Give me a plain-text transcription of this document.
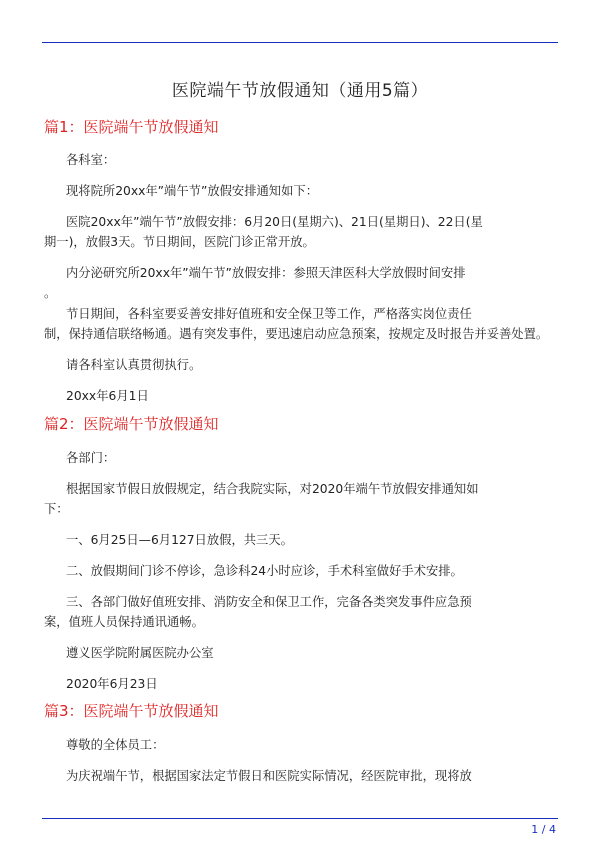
医院端午节放假通知（通用5篇）
篇1：医院端午节放假通知
各科室：
现将院所20xx年”端午节”放假安排通知如下：
医院20xx年”端午节”放假安排：6月20日(星期六)、21日(星期日)、22日(星
期一)，放假3天。节日期间，医院门诊正常开放。
内分泌研究所20xx年”端午节”放假安排：参照天津医科大学放假时间安排
。
节日期间，各科室要妥善安排好值班和安全保卫等工作，严格落实岗位责任
制，保持通信联络畅通。遇有突发事件，要迅速启动应急预案，按规定及时报告并妥善处置。
请各科室认真贯彻执行。
20xx年6月1日
篇2：医院端午节放假通知
各部门：
根据国家节假日放假规定，结合我院实际，对2020年端午节放假安排通知如
下：
一、6月25日—6月127日放假，共三天。
二、放假期间门诊不停诊，急诊科24小时应诊，手术科室做好手术安排。
三、各部门做好值班安排、消防安全和保卫工作，完备各类突发事件应急预
案，值班人员保持通讯通畅。
遵义医学院附属医院办公室
2020年6月23日
篇3：医院端午节放假通知
尊敬的全体员工：
为庆祝端午节，根据国家法定节假日和医院实际情况，经医院审批，现将放
1 / 4
